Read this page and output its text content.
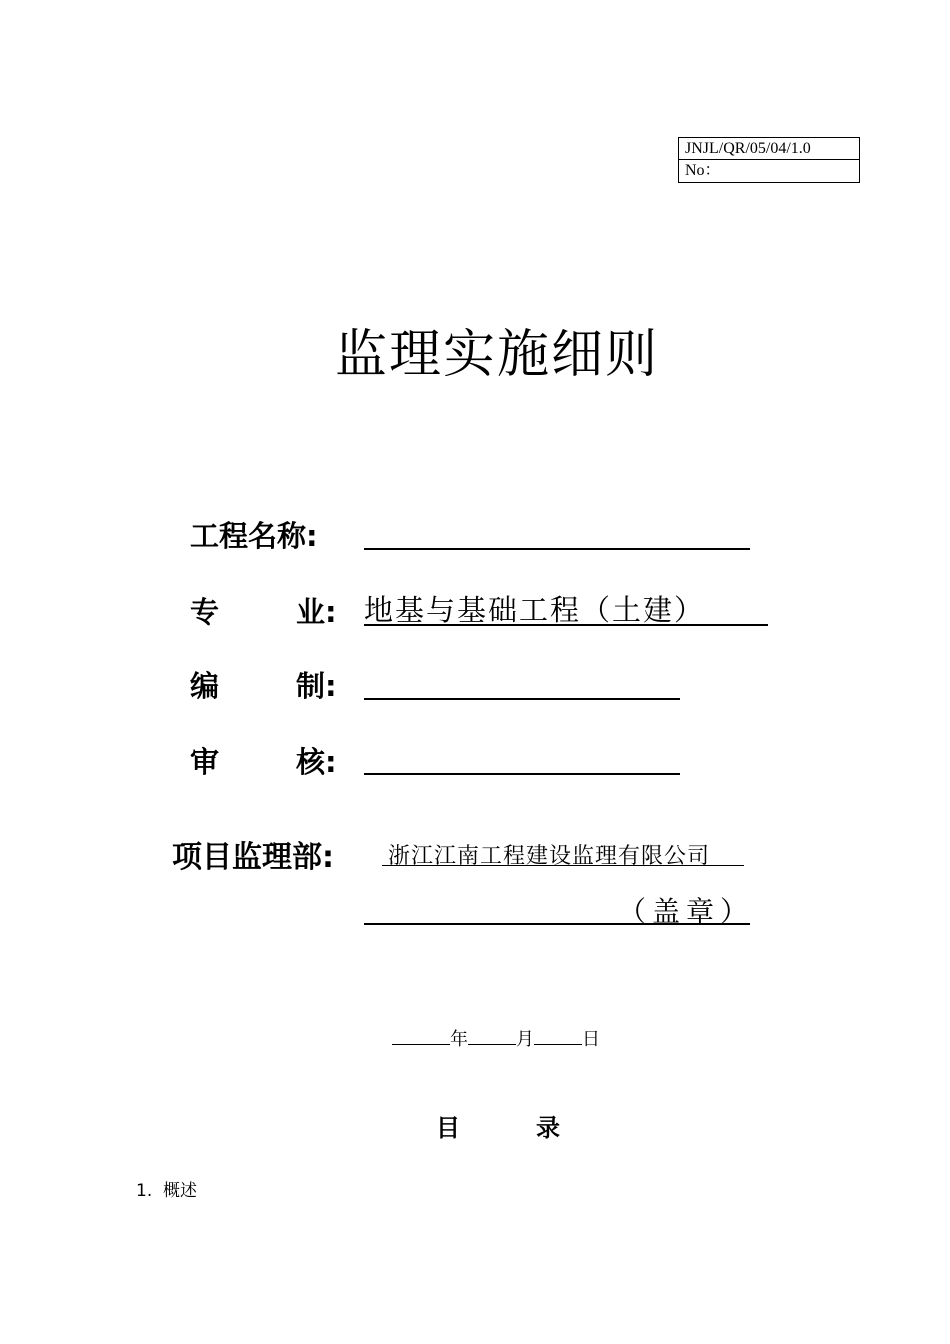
JNJL/QR/05/04/1.0
No：
监理实施细则
工程名称:
专	业: 地基与基础工程（土建）
编	制:
审	核:
项目监理部: 浙江江南工程建设监理有限公司
（盖章）
年	月	日
目	录
1. 概述
